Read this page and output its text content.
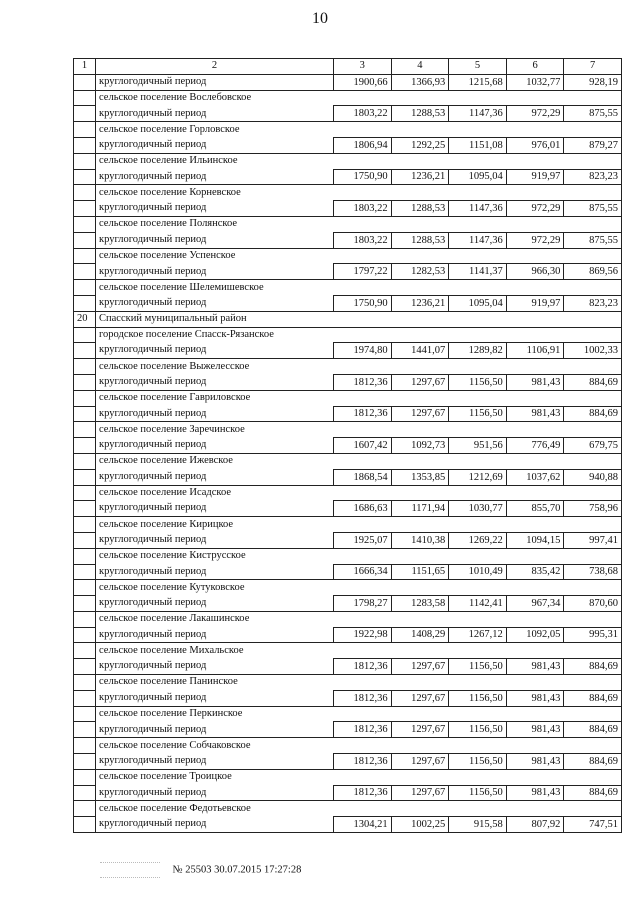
10
1	2	3	4	5	6	7
	круглогодичный период	1900,66	1366,93	1215,68	1032,77	928,19
	сельское поселение Вослебовское					
	круглогодичный период	1803,22	1288,53	1147,36	972,29	875,55
	сельское поселение Горловское					
	круглогодичный период	1806,94	1292,25	1151,08	976,01	879,27
	сельское поселение Ильинское					
	круглогодичный период	1750,90	1236,21	1095,04	919,97	823,23
	сельское поселение Корневское					
	круглогодичный период	1803,22	1288,53	1147,36	972,29	875,55
	сельское поселение Полянское					
	круглогодичный период	1803,22	1288,53	1147,36	972,29	875,55
	сельское поселение Успенское					
	круглогодичный период	1797,22	1282,53	1141,37	966,30	869,56
	сельское поселение Шелемишевское					
	круглогодичный период	1750,90	1236,21	1095,04	919,97	823,23
20	Спасский муниципальный район					
	городское поселение Спасск-Рязанское					
	круглогодичный период	1974,80	1441,07	1289,82	1106,91	1002,33
	сельское поселение Выжелесское					
	круглогодичный период	1812,36	1297,67	1156,50	981,43	884,69
	сельское поселение Гавриловское					
	круглогодичный период	1812,36	1297,67	1156,50	981,43	884,69
	сельское поселение Заречинское					
	круглогодичный период	1607,42	1092,73	951,56	776,49	679,75
	сельское поселение Ижевское					
	круглогодичный период	1868,54	1353,85	1212,69	1037,62	940,88
	сельское поселение Исадское					
	круглогодичный период	1686,63	1171,94	1030,77	855,70	758,96
	сельское поселение Кирицкое					
	круглогодичный период	1925,07	1410,38	1269,22	1094,15	997,41
	сельское поселение Киструсское					
	круглогодичный период	1666,34	1151,65	1010,49	835,42	738,68
	сельское поселение Кутуковское					
	круглогодичный период	1798,27	1283,58	1142,41	967,34	870,60
	сельское поселение Лакашинское					
	круглогодичный период	1922,98	1408,29	1267,12	1092,05	995,31
	сельское поселение Михальское					
	круглогодичный период	1812,36	1297,67	1156,50	981,43	884,69
	сельское поселение Панинское					
	круглогодичный период	1812,36	1297,67	1156,50	981,43	884,69
	сельское поселение Перкинское					
	круглогодичный период	1812,36	1297,67	1156,50	981,43	884,69
	сельское поселение Собчаковское					
	круглогодичный период	1812,36	1297,67	1156,50	981,43	884,69
	сельское поселение Троицкое					
	круглогодичный период	1812,36	1297,67	1156,50	981,43	884,69
	сельское поселение Федотьевское					
	круглогодичный период	1304,21	1002,25	915,58	807,92	747,51
№ 25503 30.07.2015 17:27:28
